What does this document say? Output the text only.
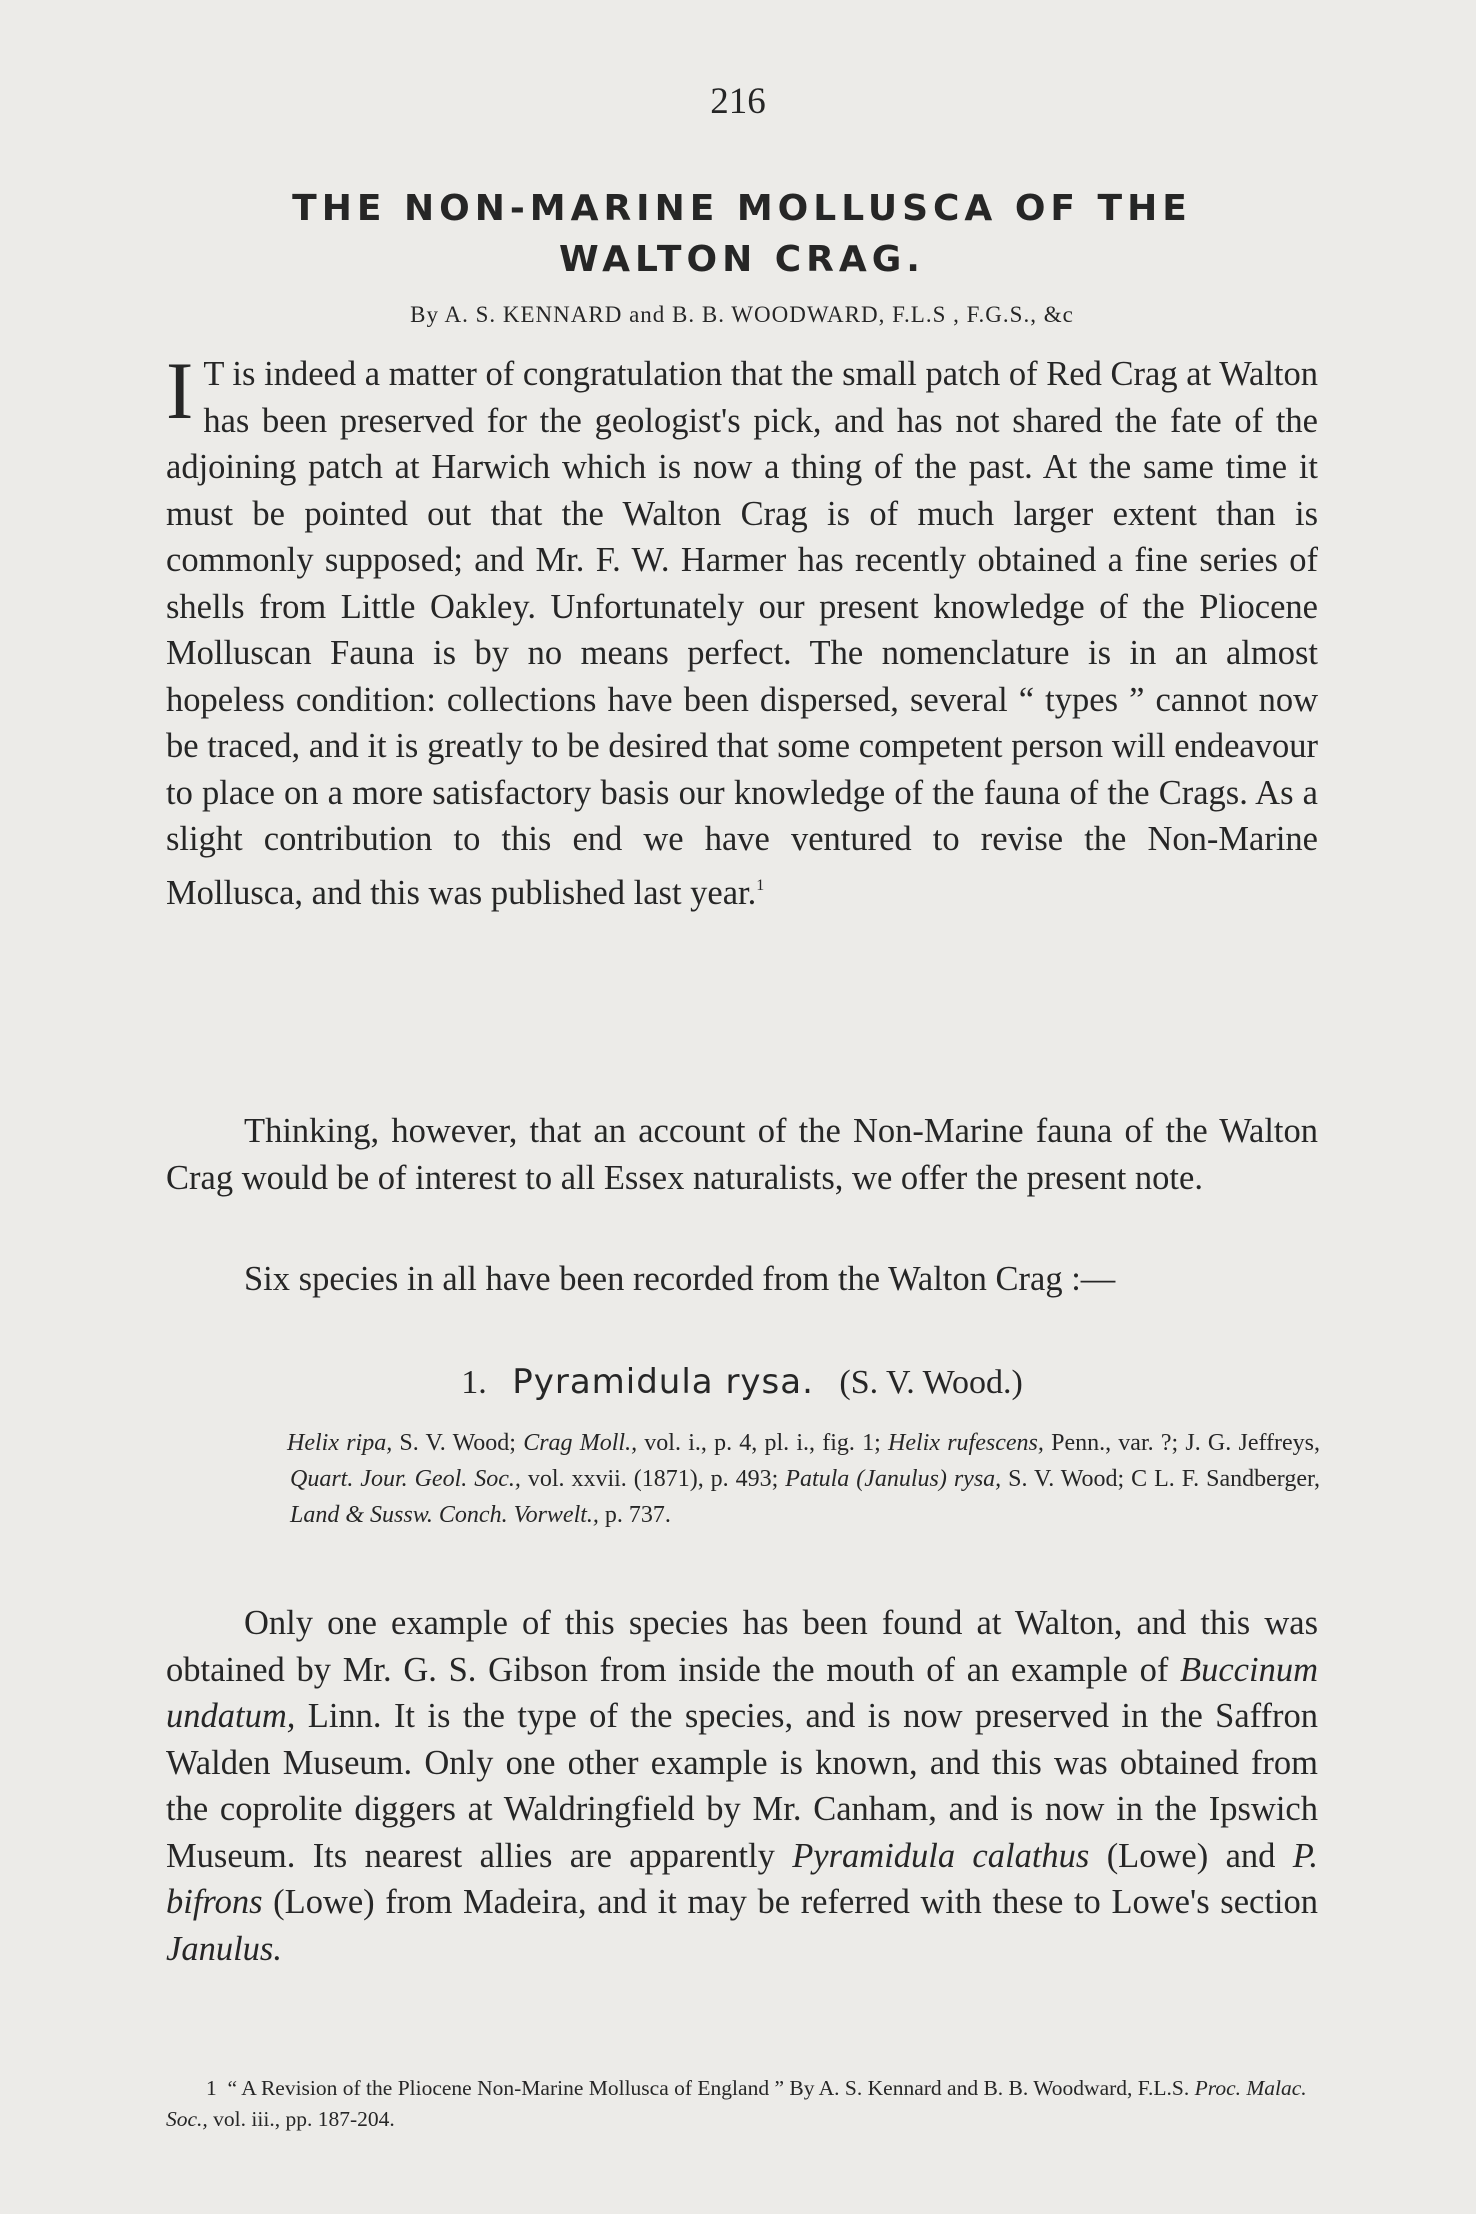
216
THE NON-MARINE MOLLUSCA OF THE
WALTON CRAG.
By A. S. KENNARD and B. B. WOODWARD, F.L.S , F.G.S., &c

I T is indeed a matter of congratulation that the small patch of Red Crag at Walton has been preserved for the geologist's pick, and has not shared the fate of the adjoining patch at Harwich which is now a thing of the past. At the same time it must be pointed out that the Walton Crag is of much larger extent than is commonly supposed; and Mr. F. W. Harmer has recently obtained a fine series of shells from Little Oakley. Unfortunately our present knowledge of the Pliocene Molluscan Fauna is by no means perfect. The nomenclature is in an almost hopeless condition: collections have been dispersed, several “ types ” cannot now be traced, and it is greatly to be desired that some competent person will endeavour to place on a more satisfactory basis our knowledge of the fauna of the Crags. As a slight contribution to this end we have ventured to revise the Non-Marine Mollusca, and this was published last year.$^1$

Thinking, however, that an account of the Non-Marine fauna of the Walton Crag would be of interest to all Essex naturalists, we offer the present note.

Six species in all have been recorded from the Walton Crag :—

1. Pyramidula rysa. (S. V. Wood.)
Helix ripa, S. V. Wood; Crag Moll., vol. i., p. 4, pl. i., fig. 1; Helix rufescens, Penn., var. ?; J. G. Jeffreys, Quart. Jour. Geol. Soc., vol. xxvii. (1871), p. 493; Patula (Janulus) rysa, S. V. Wood; C L. F. Sandberger, Land & Sussw. Conch. Vorwelt., p. 737.

Only one example of this species has been found at Walton, and this was obtained by Mr. G. S. Gibson from inside the mouth of an example of Buccinum undatum, Linn. It is the type of the species, and is now preserved in the Saffron Walden Museum. Only one other example is known, and this was obtained from the coprolite diggers at Waldringfield by Mr. Canham, and is now in the Ipswich Museum. Its nearest allies are apparently Pyramidula calathus (Lowe) and P. bifrons (Lowe) from Madeira, and it may be referred with these to Lowe's section Janulus.

1 “ A Revision of the Pliocene Non-Marine Mollusca of England ” By A. S. Kennard and B. B. Woodward, F.L.S. Proc. Malac. Soc., vol. iii., pp. 187-204.
